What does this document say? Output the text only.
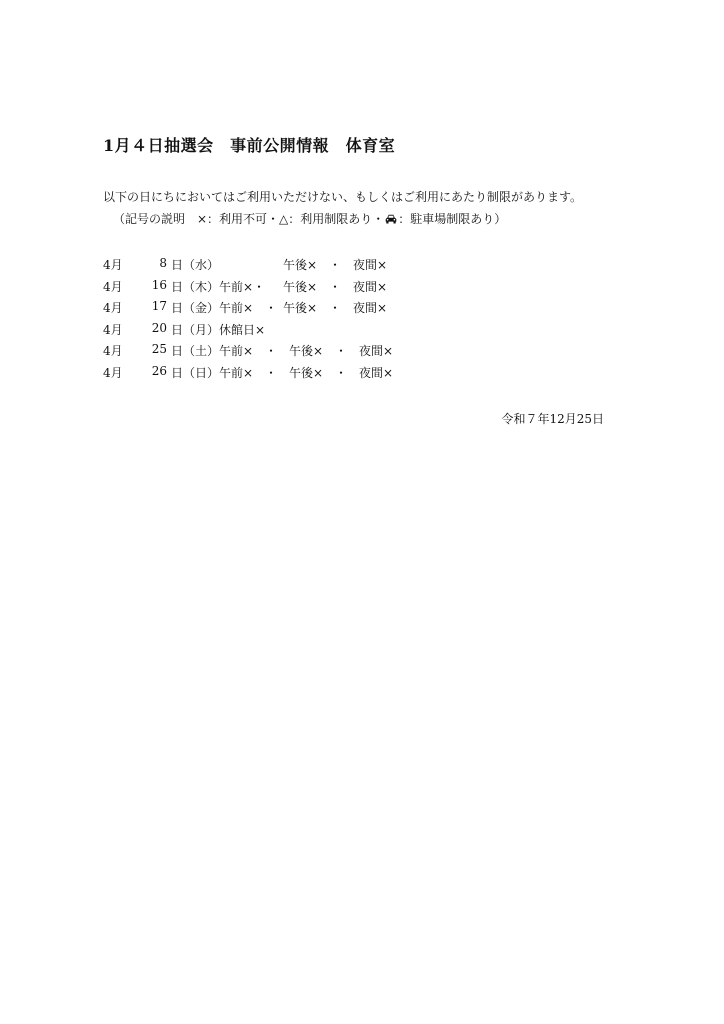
1月４日抽選会　事前公開情報　体育室
以下の日にちにおいてはご利用いただけない、もしくはご利用にあたり制限があります。
（記号の説明　×：利用不可・△：利用制限あり・ ：駐車場制限あり）
4月	8 日 （水）	午後×　・　夜間×
4月	16 日 （木） 午前×・ 午後×　・　夜間×
4月	17 日 （金） 午前×　・ 午後×　・　夜間×
4月	20 日 （月） 休館日×
4月	25 日 （土） 午前×　・ 午後×　・　夜間×
4月	26 日 （日） 午前×　・ 午後×　・　夜間×
令和７年12月25日
